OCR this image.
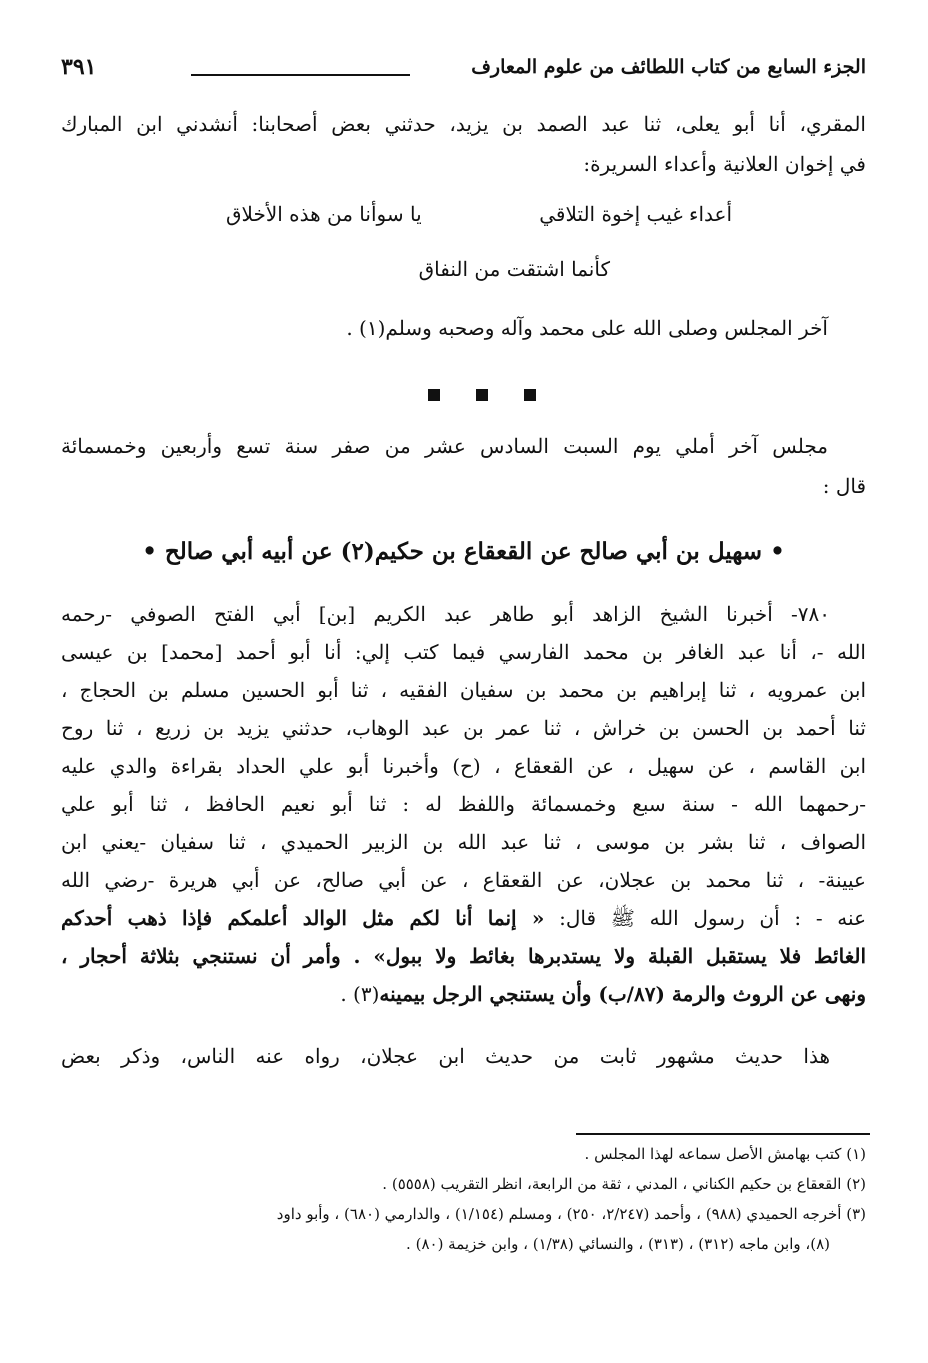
الجزء السابع من كتاب اللطائف من علوم المعارف
٣٩١
المقري، أنا أبو يعلى، ثنا عبد الصمد بن يزيد، حدثني بعض أصحابنا: أنشدني ابن المبارك
في إخوان العلانية وأعداء السريرة:
أعداء غيب إخوة التلاقي
يا سوأنا من هذه الأخلاق
كأنما اشتقت من النفاق
آخر المجلس وصلى الله على محمد وآله وصحبه وسلم(١) .
مجلس آخر أملي يوم السبت السادس عشر من صفر سنة تسع وأربعين وخمسمائة
قال :
• سهيل بن أبي صالح عن القعقاع بن حكيم(٢) عن أبيه أبي صالح •
٧٨٠- أخبرنا الشيخ الزاهد أبو طاهر عبد الكريم [بن] أبي الفتح الصوفي -رحمه
الله -، أنا عبد الغافر بن محمد الفارسي فيما كتب إلي: أنا أبو أحمد [محمد] بن عيسى
ابن عمرويه ، ثنا إبراهيم بن محمد بن سفيان الفقيه ، ثنا أبو الحسين مسلم بن الحجاج ،
ثنا أحمد بن الحسن بن خراش ، ثنا عمر بن عبد الوهاب، حدثني يزيد بن زريع ، ثنا روح
ابن القاسم ، عن سهيل ، عن القعقاع ، (ح) وأخبرنا أبو علي الحداد بقراءة والدي عليه
-رحمهما الله - سنة سبع وخمسمائة واللفظ له : ثنا أبو نعيم الحافظ ، ثنا أبو علي
الصواف ، ثنا بشر بن موسى ، ثنا عبد الله بن الزبير الحميدي ، ثنا سفيان -يعني ابن
عيينة- ، ثنا محمد بن عجلان، عن القعقاع ، عن أبي صالح، عن أبي هريرة -رضي الله
عنه - : أن رسول الله ﷺ قال: « إنما أنا لكم مثل الوالد أعلمكم فإذا ذهب أحدكم
الغائط فلا يستقبل القبلة ولا يستدبرها بغائط ولا ببول» . وأمر أن نستنجي بثلاثة أحجار ،
ونهى عن الروث والرمة (٨٧/ب) وأن يستنجي الرجل بيمينه(٣) .
هذا حديث مشهور ثابت من حديث ابن عجلان، رواه عنه الناس، وذكر بعض
(١) كتب بهامش الأصل سماعه لهذا المجلس .
(٢) القعقاع بن حكيم الكناني ، المدني ، ثقة من الرابعة، انظر التقريب (٥٥٥٨) .
(٣) أخرجه الحميدي (٩٨٨) ، وأحمد (٢/٢٤٧، ٢٥٠) ، ومسلم (١/١٥٤) ، والدارمي (٦٨٠) ، وأبو داود
(٨)، وابن ماجه (٣١٢) ، (٣١٣) ، والنسائي (١/٣٨) ، وابن خزيمة (٨٠) .
